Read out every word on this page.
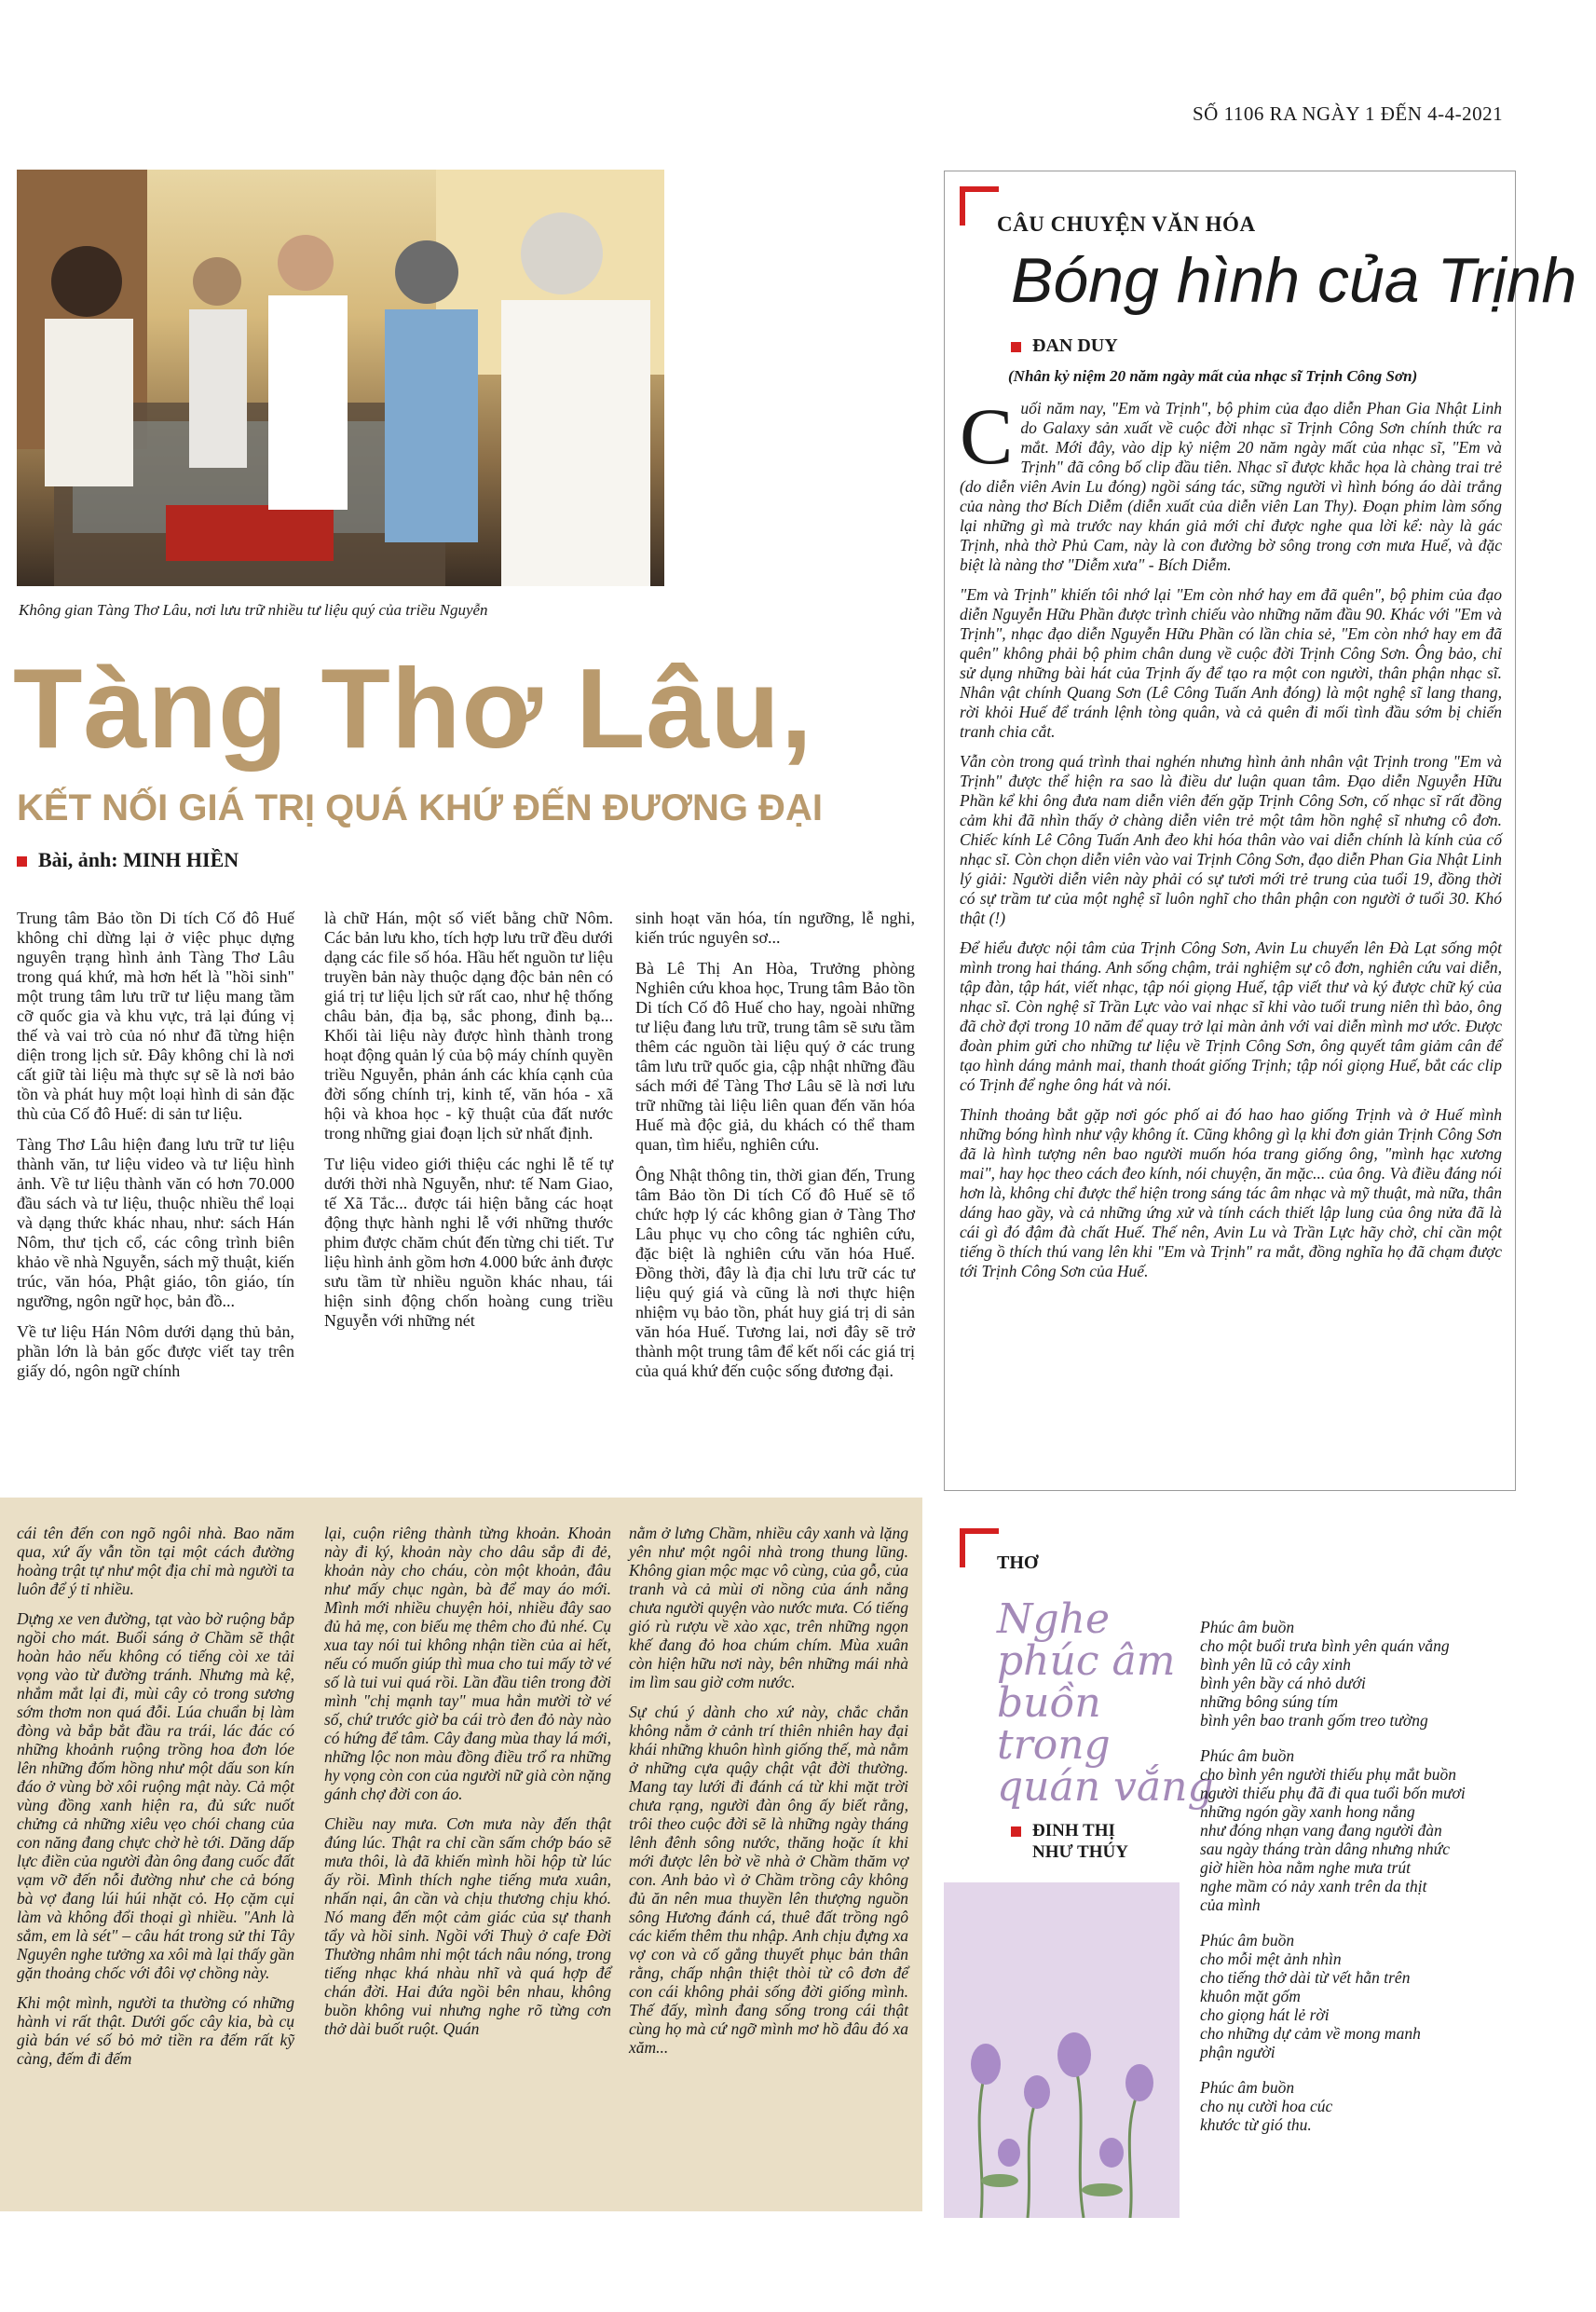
SỐ 1106 RA NGÀY 1 ĐẾN 4-4-2021
Không gian Tàng Thơ Lâu, nơi lưu trữ nhiều tư liệu quý của triều Nguyễn
Tàng Thơ Lâu,
KẾT NỐI GIÁ TRỊ QUÁ KHỨ ĐẾN ĐƯƠNG ĐẠI
Bài, ảnh: MINH HIỀN

Trung tâm Bảo tồn Di tích Cố đô Huế không chỉ dừng lại ở việc phục dựng nguyên trạng hình ảnh Tàng Thơ Lâu trong quá khứ, mà hơn hết là "hồi sinh" một trung tâm lưu trữ tư liệu mang tầm cỡ quốc gia và khu vực, trả lại đúng vị thế và vai trò của nó như đã từng hiện diện trong lịch sử. Đây không chỉ là nơi cất giữ tài liệu mà thực sự sẽ là nơi bảo tồn và phát huy một loại hình di sản đặc thù của Cố đô Huế: di sản tư liệu.

Tàng Thơ Lâu hiện đang lưu trữ tư liệu thành văn, tư liệu video và tư liệu hình ảnh. Về tư liệu thành văn có hơn 70.000 đầu sách và tư liệu, thuộc nhiều thể loại và dạng thức khác nhau, như: sách Hán Nôm, thư tịch cổ, các công trình biên khảo về nhà Nguyễn, sách mỹ thuật, kiến trúc, văn hóa, Phật giáo, tôn giáo, tín ngưỡng, ngôn ngữ học, bản đồ...

Về tư liệu Hán Nôm dưới dạng thủ bản, phần lớn là bản gốc được viết tay trên giấy dó, ngôn ngữ chính

là chữ Hán, một số viết bằng chữ Nôm. Các bản lưu kho, tích hợp lưu trữ đều dưới dạng các file số hóa. Hầu hết nguồn tư liệu truyền bản này thuộc dạng độc bản nên có giá trị tư liệu lịch sử rất cao, như hệ thống châu bản, địa bạ, sắc phong, đinh bạ... Khối tài liệu này được hình thành trong hoạt động quản lý của bộ máy chính quyền triều Nguyễn, phản ánh các khía cạnh của đời sống chính trị, kinh tế, văn hóa - xã hội và khoa học - kỹ thuật của đất nước trong những giai đoạn lịch sử nhất định.

Tư liệu video giới thiệu các nghi lễ tế tự dưới thời nhà Nguyễn, như: tế Nam Giao, tế Xã Tắc... được tái hiện bằng các hoạt động thực hành nghi lễ với những thước phim được chăm chút đến từng chi tiết. Tư liệu hình ảnh gồm hơn 4.000 bức ảnh được sưu tầm từ nhiều nguồn khác nhau, tái hiện sinh động chốn hoàng cung triều Nguyễn với những nét

sinh hoạt văn hóa, tín ngưỡng, lễ nghi, kiến trúc nguyên sơ...

Bà Lê Thị An Hòa, Trưởng phòng Nghiên cứu khoa học, Trung tâm Bảo tồn Di tích Cố đô Huế cho hay, ngoài những tư liệu đang lưu trữ, trung tâm sẽ sưu tầm thêm các nguồn tài liệu quý ở các trung tâm lưu trữ quốc gia, cập nhật những đầu sách mới để Tàng Thơ Lâu sẽ là nơi lưu trữ những tài liệu liên quan đến văn hóa Huế mà độc giả, du khách có thể tham quan, tìm hiểu, nghiên cứu.

Ông Nhật thông tin, thời gian đến, Trung tâm Bảo tồn Di tích Cố đô Huế sẽ tổ chức hợp lý các không gian ở Tàng Thơ Lâu phục vụ cho công tác nghiên cứu, đặc biệt là nghiên cứu văn hóa Huế. Đồng thời, đây là địa chỉ lưu trữ các tư liệu quý giá và cũng là nơi thực hiện nhiệm vụ bảo tồn, phát huy giá trị di sản văn hóa Huế. Tương lai, nơi đây sẽ trở thành một trung tâm để kết nối các giá trị của quá khứ đến cuộc sống đương đại.

cái tên đến con ngõ ngôi nhà. Bao năm qua, xứ ấy vẫn tồn tại một cách đường hoàng trật tự như một địa chỉ mà người ta luôn để ý tỉ nhiều.

Dựng xe ven đường, tạt vào bờ ruộng bắp ngồi cho mát. Buổi sáng ở Chầm sẽ thật hoàn hảo nếu không có tiếng còi xe tải vọng vào từ đường tránh. Nhưng mà kệ, nhắm mắt lại đi, mùi cây cỏ trong sương sớm thơm non quá đỗi. Lúa chuẩn bị làm đòng và bắp bắt đầu ra trái, lác đác có những khoảnh ruộng trồng hoa đơn lóe lên những đốm hồng như một dấu son kín đáo ở vùng bờ xôi ruộng mật này. Cả một vùng đồng xanh hiện ra, đủ sức nuốt chửng cả những xiêu vẹo chói chang của con năng đang chực chờ hè tới. Dăng dấp lực điền của người đàn ông đang cuốc đất vạm vỡ đến nỗi đường như che cả bóng bà vợ đang lúi húi nhặt cỏ. Họ cặm cụi làm và không đổi thoại gì nhiều. "Anh là sắm, em là sét" – câu hát trong sử thi Tây Nguyên nghe tưởng xa xôi mà lại thấy gần gặn thoảng chốc với đôi vợ chồng này.

Khi một mình, người ta thường có những hành vi rất thật. Dưới gốc cây kia, bà cụ già bán vé số bỏ mở tiền ra đếm rất kỹ càng, đếm đi đếm

lại, cuộn riêng thành từng khoản. Khoản này đi ký, khoản này cho dâu sắp đi đẻ, khoản này cho cháu, còn một khoản, đâu như mấy chục ngàn, bà để may áo mới. Mình mới nhiều chuyện hỏi, nhiều đây sao đủ hả mẹ, con biếu mẹ thêm cho đủ nhé. Cụ xua tay nói tui không nhận tiền của ai hết, nếu có muốn giúp thì mua cho tui mấy tờ vé số là tui vui quá rồi. Lần đầu tiên trong đời mình "chị mạnh tay" mua hẳn mười tờ vé số, chứ trước giờ ba cái trò đen đỏ này nào có hứng để tâm. Cây đang mùa thay lá mới, những lộc non màu đồng điều trổ ra những hy vọng còn con của người nữ già còn nặng gánh chợ đời con áo.

Chiều nay mưa. Cơn mưa này đến thật đúng lúc. Thật ra chỉ cần sấm chớp báo sẽ mưa thôi, là đã khiến mình hồi hộp từ lúc ấy rồi. Mình thích nghe tiếng mưa xuân, nhấn nại, ân cần và chịu thương chịu khó. Nó mang đến một cảm giác của sự thanh tẩy và hồi sinh. Ngồi với Thuỳ ở cafe Đời Thường nhâm nhi một tách nâu nóng, trong tiếng nhạc khá nhàu nhĩ và quá hợp để chán đời. Hai đứa ngồi bên nhau, không buồn không vui nhưng nghe rõ từng cơn thở dài buốt ruột. Quán

nằm ở lưng Chầm, nhiều cây xanh và lặng yên như một ngôi nhà trong thung lũng. Không gian mộc mạc vô cùng, của gỗ, của tranh và cả mùi ơi nồng của ánh nắng chưa người quyện vào nước mưa. Có tiếng gió rù rượu về xào xạc, trên những ngọn khế đang đỏ hoa chúm chím. Mùa xuân còn hiện hữu nơi này, bên những mái nhà im lìm sau giờ cơm nước.

Sự chú ý dành cho xứ này, chắc chắn không nằm ở cảnh trí thiên nhiên hay đại khái những khuôn hình giống thế, mà nằm ở những cựa quậy chật vật đời thường. Mang tay lưới đi đánh cá từ khi mặt trời chưa rạng, người đàn ông ấy biết rằng, trôi theo cuộc đời sẽ là những ngày tháng lênh đênh sông nước, thăng hoặc ít khi mới được lên bờ về nhà ở Chầm thăm vợ con. Anh bảo vì ở Chầm trồng cây không đủ ăn nên mua thuyền lên thượng nguồn sông Hương đánh cá, thuê đất trồng ngô các kiếm thêm thu nhập. Anh chịu đựng xa vợ con và cố gắng thuyết phục bản thân rằng, chấp nhận thiệt thòi từ cô đơn để con cái không phải sống đời giống mình. Thế đấy, mình đang sống trong cái thật cùng họ mà cứ ngỡ mình mơ hồ đâu đó xa xăm...

CÂU CHUYỆN VĂN HÓA
Bóng hình của Trịnh
ĐAN DUY
(Nhân kỷ niệm 20 năm ngày mất của nhạc sĩ Trịnh Công Sơn)

Cuối năm nay, "Em và Trịnh", bộ phim của đạo diễn Phan Gia Nhật Linh do Galaxy sản xuất về cuộc đời nhạc sĩ Trịnh Công Sơn chính thức ra mắt. Mới đây, vào dịp kỷ niệm 20 năm ngày mất của nhạc sĩ, "Em và Trịnh" đã công bố clip đầu tiên. Nhạc sĩ được khắc họa là chàng trai trẻ (do diễn viên Avin Lu đóng) ngồi sáng tác, sững người vì hình bóng áo dài trắng của nàng thơ Bích Diễm (diễn xuất của diễn viên Lan Thy). Đoạn phim làm sống lại những gì mà trước nay khán giả mới chỉ được nghe qua lời kể: này là gác Trịnh, nhà thờ Phủ Cam, này là con đường bờ sông trong cơn mưa Huế, và đặc biệt là nàng thơ "Diễm xưa" - Bích Diễm.

"Em và Trịnh" khiến tôi nhớ lại "Em còn nhớ hay em đã quên", bộ phim của đạo diễn Nguyễn Hữu Phần được trình chiếu vào những năm đầu 90. Khác với "Em và Trịnh", nhạc đạo diễn Nguyễn Hữu Phần có lần chia sẻ, "Em còn nhớ hay em đã quên" không phải bộ phim chân dung về cuộc đời Trịnh Công Sơn. Ông bảo, chỉ sử dụng những bài hát của Trịnh ấy để tạo ra một con người, thân phận nhạc sĩ. Nhân vật chính Quang Sơn (Lê Công Tuấn Anh đóng) là một nghệ sĩ lang thang, rời khỏi Huế để tránh lệnh tòng quân, và cả quên đi mối tình đầu sớm bị chiến tranh chia cắt.

Vẫn còn trong quá trình thai nghén nhưng hình ảnh nhân vật Trịnh trong "Em và Trịnh" được thể hiện ra sao là điều dư luận quan tâm. Đạo diễn Nguyễn Hữu Phần kể khi ông đưa nam diễn viên đến gặp Trịnh Công Sơn, cố nhạc sĩ rất đồng cảm khi đã nhìn thấy ở chàng diễn viên trẻ một tâm hồn nghệ sĩ nhưng cô đơn. Chiếc kính Lê Công Tuấn Anh đeo khi hóa thân vào vai diễn chính là kính của cố nhạc sĩ. Còn chọn diễn viên vào vai Trịnh Công Sơn, đạo diễn Phan Gia Nhật Linh lý giải: Người diễn viên này phải có sự tươi mới trẻ trung của tuổi 19, đồng thời có sự trầm tư của một nghệ sĩ luôn nghĩ cho thân phận con người ở tuổi 30. Khó thật (!)

Để hiểu được nội tâm của Trịnh Công Sơn, Avin Lu chuyển lên Đà Lạt sống một mình trong hai tháng. Anh sống chậm, trải nghiệm sự cô đơn, nghiên cứu vai diễn, tập đàn, tập hát, viết nhạc, tập nói giọng Huế, tập viết thư và ký được chữ ký của nhạc sĩ. Còn nghệ sĩ Trần Lực vào vai nhạc sĩ khi vào tuổi trung niên thì bảo, ông đã chờ đợi trong 10 năm để quay trở lại màn ảnh với vai diễn mình mơ ước. Được đoàn phim gửi cho những tư liệu về Trịnh Công Sơn, ông quyết tâm giảm cân để tạo hình dáng mảnh mai, thanh thoát giống Trịnh; tập nói giọng Huế, bắt các clip có Trịnh để nghe ông hát và nói.

Thỉnh thoảng bắt gặp nơi góc phố ai đó hao hao giống Trịnh và ở Huế mình những bóng hình như vậy không ít. Cũng không gì lạ khi đơn giản Trịnh Công Sơn đã là hình tượng nên bao người muốn hóa trang giống ông, "mình hạc xương mai", hay học theo cách đeo kính, nói chuyện, ăn mặc... của ông. Và điều đáng nói hơn là, không chỉ được thể hiện trong sáng tác âm nhạc và mỹ thuật, mà nữa, thân dáng hao gầy, và cả những ứng xử và tính cách thiết lập lung của ông nửa đã là cái gì đó đậm đà chất Huế. Thế nên, Avin Lu và Trần Lực hãy chờ, chỉ cần một tiếng ồ thích thú vang lên khi "Em và Trịnh" ra mắt, đồng nghĩa họ đã chạm được tới Trịnh Công Sơn của Huế.

THƠ
Nghe
phúc âm
buồn
trong
quán vắng
ĐINH THỊ
NHƯ THÚY
Phúc âm buồn
cho một buổi trưa bình yên quán vắng
bình yên lũ cỏ cây xinh
bình yên bầy cá nhỏ dưới
những bông súng tím
bình yên bao tranh gốm treo tường
Phúc âm buồn
cho bình yên người thiếu phụ mắt buồn
người thiếu phụ đã đi qua tuổi bốn mươi
những ngón gầy xanh hong nắng
như đóng nhạn vang đang người đàn
sau ngày tháng tràn dâng nhưng nhức
giờ hiền hòa nằm nghe mưa trút
nghe mầm có nảy xanh trên da thịt
của mình
Phúc âm buồn
cho mỗi mệt ảnh nhìn
cho tiếng thở dài từ vết hằn trên
khuôn mặt gốm
cho giọng hát lẻ rời
cho những dự cảm về mong manh
phận người
Phúc âm buồn
cho nụ cười hoa cúc
khước từ gió thu.
